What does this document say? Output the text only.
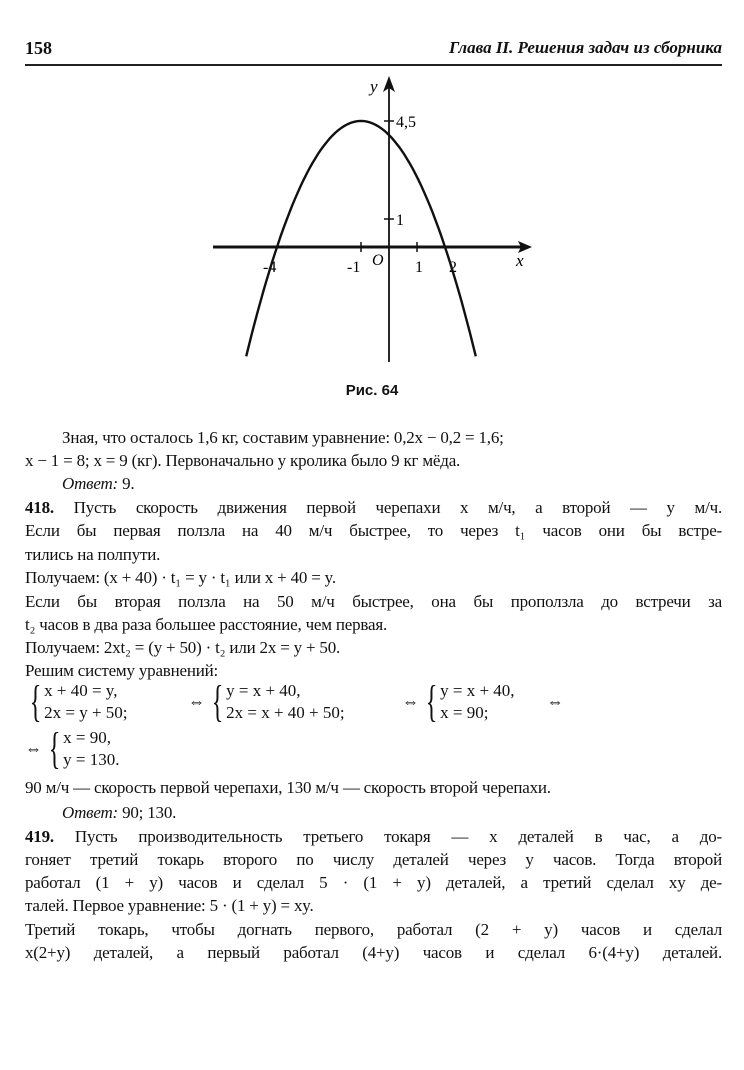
158	Глава II. Решения задач из сборника
x
y
O
-4	-1	1 2
1
4,5
Рис. 64
Зная, что осталось 1,6 кг, составим уравнение: 0,2x − 0,2 = 1,6;
x − 1 = 8; x = 9 (кг). Первоначально у кролика было 9 кг мёда.
Ответ: 9.
418. Пусть скорость движения первой черепахи x м/ч, а второй — y м/ч.
Если бы первая ползла на 40 м/ч быстрее, то через t₁ часов они бы встре-
тились на полпути.
Получаем: (x + 40) · t₁ = y · t₁ или x + 40 = y.
Если бы вторая ползла на 50 м/ч быстрее, она бы проползла до встречи за
t₂ часов в два раза большее расстояние, чем первая.
Получаем: 2xt₂ = (y + 50) · t₂ или 2x = y + 50.
Решим систему уравнений:
{ x + 40 = y,
2x = y + 50;
⇔ { y = x + 40,
2x = x + 40 + 50;
⇔ { y = x + 40,
x = 90;
⇔
⇔ { x = 90,
y = 130.
90 м/ч — скорость первой черепахи, 130 м/ч — скорость второй черепахи.
Ответ: 90; 130.
419. Пусть производительность третьего токаря — x деталей в час, а до-
гоняет третий токарь второго по числу деталей через y часов. Тогда второй
работал (1 + y) часов и сделал 5 · (1 + y) деталей, а третий сделал xy де-
талей. Первое уравнение: 5 · (1 + y) = xy.
Третий токарь, чтобы догнать первого, работал (2 + y) часов и сделал
x(2+y) деталей, а первый работал (4+y) часов и сделал 6·(4+y) деталей.
